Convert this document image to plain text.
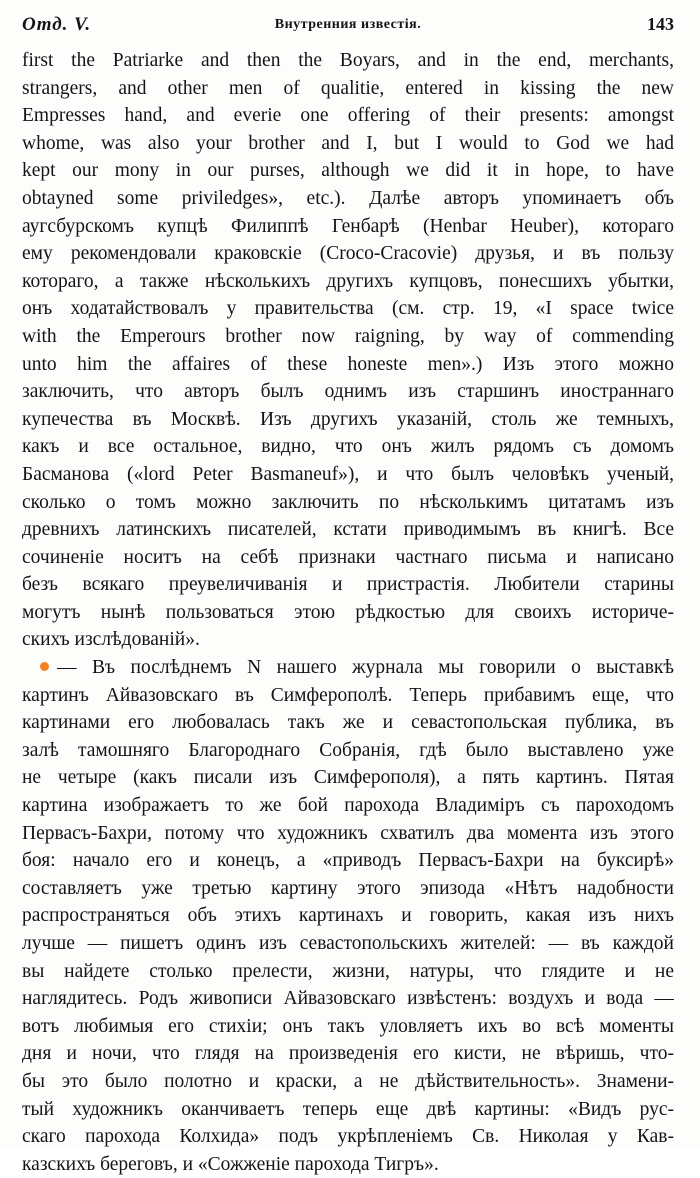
Отд. V.	Внутренния известія.	143
first the Patriarke and then the Boyars, and in the end, merchants,
strangers, and other men of qualitie, entered in kissing the new
Empresses hand, and everie one offering of their presents: amongst
whome, was also your brother and I, but I would to God we had
kept our mony in our purses, although we did it in hope, to have
obtayned some priviledges», etc.). Далѣе авторъ упоминаетъ объ
аугсбурскомъ купцѣ Филиппѣ Генбарѣ (Henbar Heuber), котораго
ему рекомендовали краковскіе (Croco-Cracovie) друзья, и въ пользу
котораго, а также нѣсколькихъ другихъ купцовъ, понесшихъ убытки,
онъ ходатайствовалъ у правительства (см. стр. 19, «I space twice
with the Emperours brother now raigning, by way of commending
unto him the affaires of these honeste men».) Изъ этого можно
заключить, что авторъ былъ однимъ изъ старшинъ иностраннаго
купечества въ Москвѣ. Изъ другихъ указаній, столь же темныхъ,
какъ и все остальное, видно, что онъ жилъ рядомъ съ домомъ
Басманова («lord Peter Basmaneuf»), и что былъ человѣкъ ученый,
сколько о томъ можно заключить по нѣсколькимъ цитатамъ изъ
древнихъ латинскихъ писателей, кстати приводимымъ въ книгѣ. Все
сочиненіе носитъ на себѣ признаки частнаго письма и написано
безъ всякаго преувеличиванія и пристрастія. Любители старины
могутъ нынѣ пользоваться этою рѣдкостью для своихъ историче-
скихъ изслѣдованій».
— Въ послѣднемъ N нашего журнала мы говорили о выставкѣ
картинъ Айвазовскаго въ Симферополѣ. Теперь прибавимъ еще, что
картинами его любовалась такъ же и севастопольская публика, въ
залѣ тамошняго Благороднаго Собранія, гдѣ было выставлено уже
не четыре (какъ писали изъ Симферополя), а пять картинъ. Пятая
картина изображаетъ то же бой парохода Владиміръ съ пароходомъ
Первасъ-Бахри, потому что художникъ схватилъ два момента изъ этого
боя: начало его и конецъ, а «приводъ Первасъ-Бахри на буксирѣ»
составляетъ уже третью картину этого эпизода «Нѣтъ надобности
распространяться объ этихъ картинахъ и говорить, какая изъ нихъ
лучше — пишетъ одинъ изъ севастопольскихъ жителей: — въ каждой
вы найдете столько прелести, жизни, натуры, что глядите и не
наглядитесь. Родъ живописи Айвазовскаго извѣстенъ: воздухъ и вода —
вотъ любимыя его стихіи; онъ такъ уловляетъ ихъ во всѣ моменты
дня и ночи, что глядя на произведенія его кисти, не вѣришь, что-
бы это было полотно и краски, а не дѣйствительность». Знамени-
тый художникъ оканчиваетъ теперь еще двѣ картины: «Видъ рус-
скаго парохода Колхида» подъ укрѣпленіемъ Св. Николая у Кав-
казскихъ береговъ, и «Сожженіе парохода Тигръ».
